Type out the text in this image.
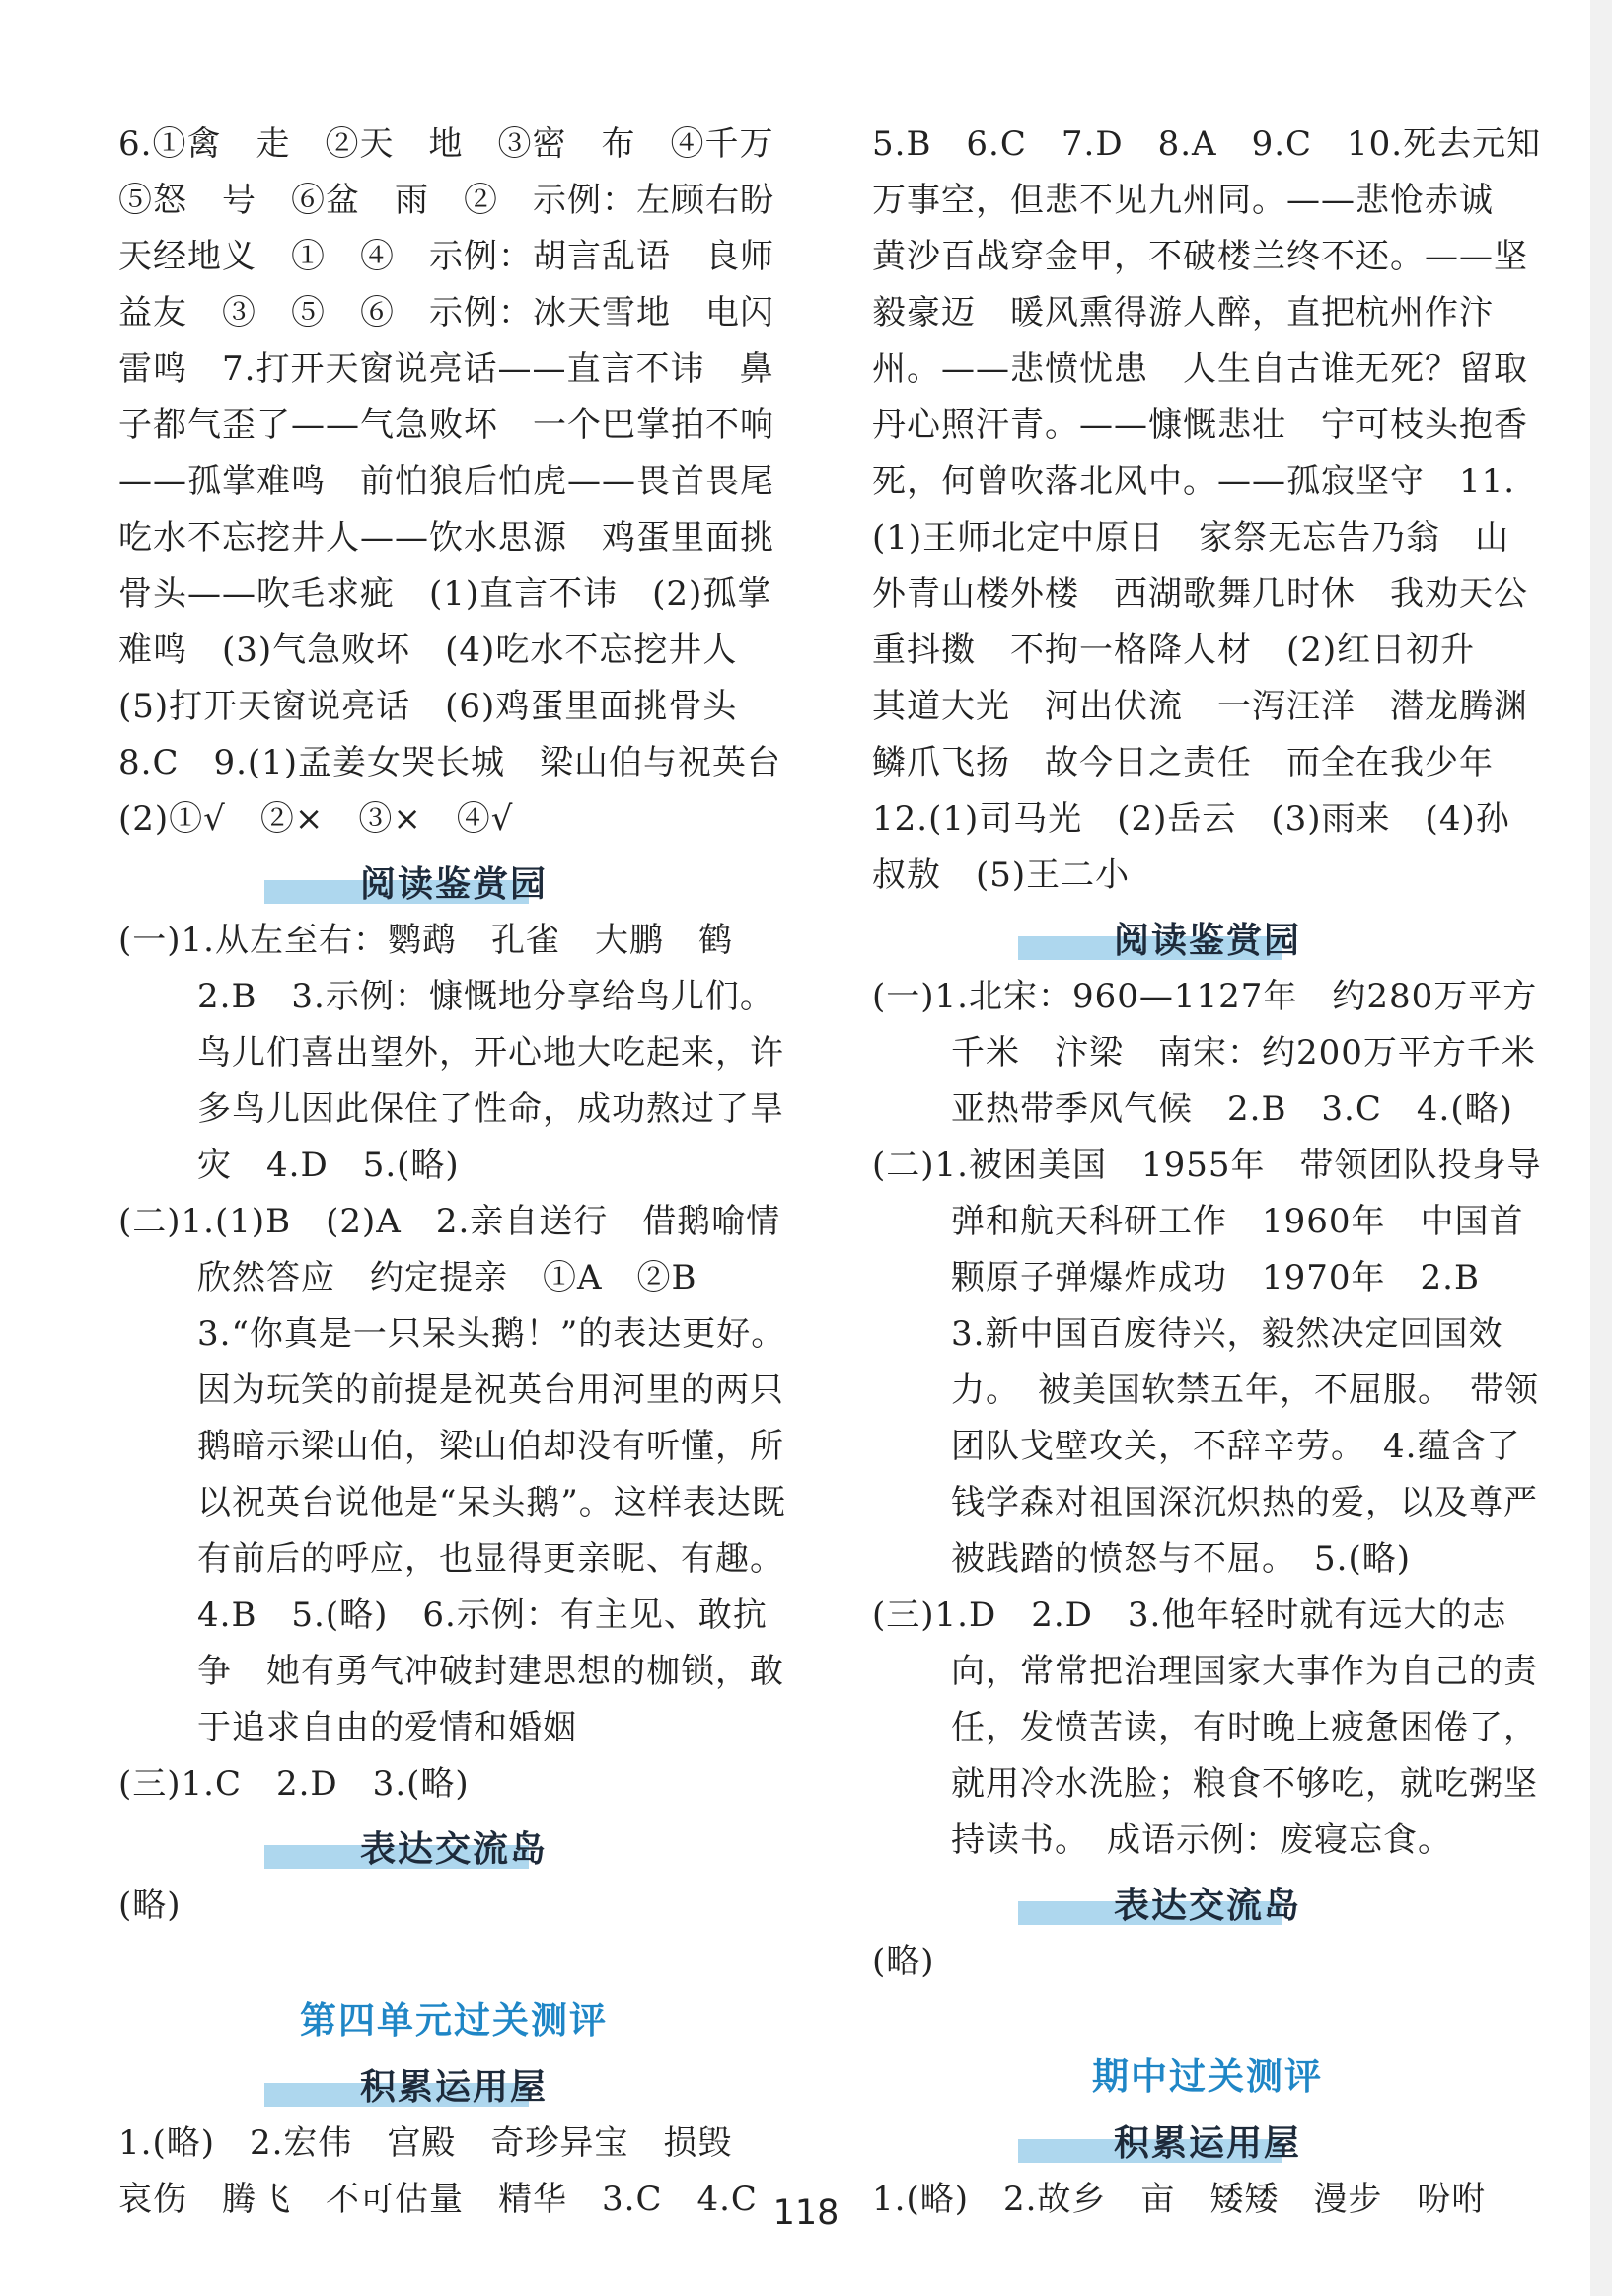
6.①禽　走　②天　地　③密　布　④千万　⑤怒　号　⑥盆　雨　②　示例：左顾右盼　天经地义　①　④　示例：胡言乱语　良师益友　③　⑤　⑥　示例：冰天雪地　电闪雷鸣　7.打开天窗说亮话——直言不讳　鼻子都气歪了——气急败坏　一个巴掌拍不响——孤掌难鸣　前怕狼后怕虎——畏首畏尾　吃水不忘挖井人——饮水思源　鸡蛋里面挑骨头——吹毛求疵　(1)直言不讳　(2)孤掌难鸣　(3)气急败坏　(4)吃水不忘挖井人　(5)打开天窗说亮话　(6)鸡蛋里面挑骨头　8.C　9.(1)孟姜女哭长城　梁山伯与祝英台　(2)①√　②×　③×　④√

阅读鉴赏园

(一)1.从左至右：鹦鹉　孔雀　大鹏　鹤　2.B　3.示例：慷慨地分享给鸟儿们。鸟儿们喜出望外，开心地大吃起来，许多鸟儿因此保住了性命，成功熬过了旱灾　4.D　5.(略)

(二)1.(1)B　(2)A　2.亲自送行　借鹅喻情　欣然答应　约定提亲　①A　②B　3.“你真是一只呆头鹅！”的表达更好。因为玩笑的前提是祝英台用河里的两只鹅暗示梁山伯，梁山伯却没有听懂，所以祝英台说他是“呆头鹅”。这样表达既有前后的呼应，也显得更亲昵、有趣。　4.B　5.(略)　6.示例：有主见、敢抗争　她有勇气冲破封建思想的枷锁，敢于追求自由的爱情和婚姻

(三)1.C　2.D　3.(略)

表达交流岛

(略)

第四单元过关测评
积累运用屋

1.(略)　2.宏伟　宫殿　奇珍异宝　损毁　哀伤　腾飞　不可估量　精华　3.C　4.C

5.B　6.C　7.D　8.A　9.C　10.死去元知万事空，但悲不见九州同。——悲怆赤诚　黄沙百战穿金甲，不破楼兰终不还。——坚毅豪迈　暖风熏得游人醉，直把杭州作汴州。——悲愤忧患　人生自古谁无死？留取丹心照汗青。——慷慨悲壮　宁可枝头抱香死，何曾吹落北风中。——孤寂坚守　11.(1)王师北定中原日　家祭无忘告乃翁　山外青山楼外楼　西湖歌舞几时休　我劝天公重抖擞　不拘一格降人材　(2)红日初升　其道大光　河出伏流　一泻汪洋　潜龙腾渊　鳞爪飞扬　故今日之责任　而全在我少年　12.(1)司马光　(2)岳云　(3)雨来　(4)孙叔敖　(5)王二小

阅读鉴赏园

(一)1.北宋：960—1127年　约280万平方千米　汴梁　南宋：约200万平方千米　亚热带季风气候　2.B　3.C　4.(略)

(二)1.被困美国　1955年　带领团队投身导弹和航天科研工作　1960年　中国首颗原子弹爆炸成功　1970年　2.B　3.新中国百废待兴，毅然决定回国效力。　被美国软禁五年，不屈服。　带领团队戈壁攻关，不辞辛劳。　4.蕴含了钱学森对祖国深沉炽热的爱，以及尊严被践踏的愤怒与不屈。　5.(略)

(三)1.D　2.D　3.他年轻时就有远大的志向，常常把治理国家大事作为自己的责任，发愤苦读，有时晚上疲惫困倦了，就用冷水洗脸；粮食不够吃，就吃粥坚持读书。　成语示例：废寝忘食。

表达交流岛

(略)

期中过关测评
积累运用屋

1.(略)　2.故乡　亩　矮矮　漫步　吩咐

118
